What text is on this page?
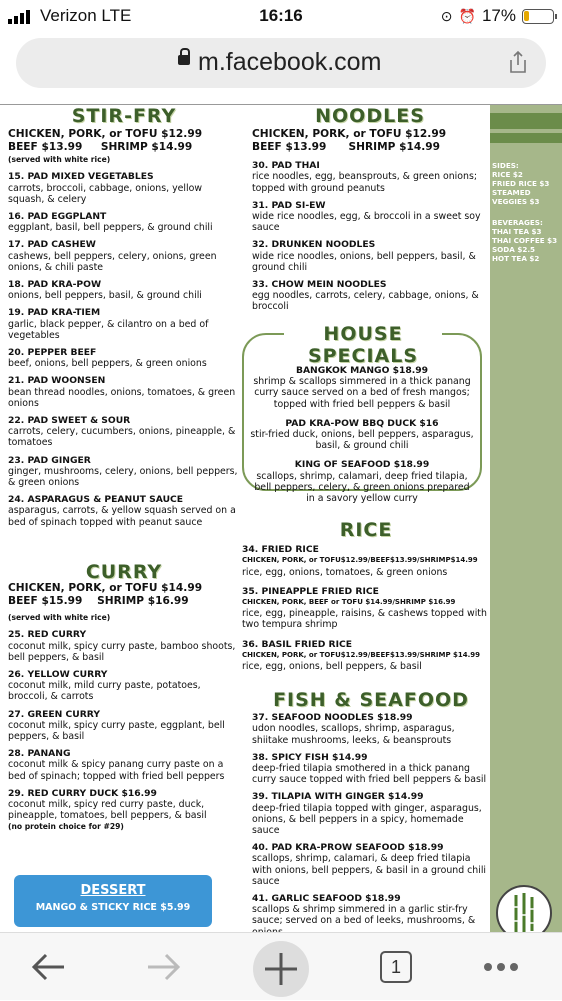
Verizon LTE	16:16	⊙ ⏰ 17%
m.facebook.com
STIR-FRY
CHICKEN, PORK, or TOFU $12.99
BEEF $13.99 SHRIMP $14.99
(served with white rice)
15. PAD MIXED VEGETABLES
carrots, broccoli, cabbage, onions, yellow squash, & celery
16. PAD EGGPLANT
eggplant, basil, bell peppers, & ground chili
17. PAD CASHEW
cashews, bell peppers, celery, onions, green onions, & chili paste
18. PAD KRA-POW
onions, bell peppers, basil, & ground chili
19. PAD KRA-TIEM
garlic, black pepper, & cilantro on a bed of vegetables
20. PEPPER BEEF
beef, onions, bell peppers, & green onions
21. PAD WOONSEN
bean thread noodles, onions, tomatoes, & green onions
22. PAD SWEET & SOUR
carrots, celery, cucumbers, onions, pineapple, & tomatoes
23. PAD GINGER
ginger, mushrooms, celery, onions, bell peppers, & green onions
24. ASPARAGUS & PEANUT SAUCE
asparagus, carrots, & yellow squash served on a bed of spinach topped with peanut sauce
CURRY
CHICKEN, PORK, or TOFU $14.99
BEEF $15.99 SHRIMP $16.99
(served with white rice)
25. RED CURRY
coconut milk, spicy curry paste, bamboo shoots, bell peppers, & basil
26. YELLOW CURRY
coconut milk, mild curry paste, potatoes, broccoli, & carrots
27. GREEN CURRY
coconut milk, spicy curry paste, eggplant, bell peppers, & basil
28. PANANG
coconut milk & spicy panang curry paste on a bed of spinach; topped with fried bell peppers
29. RED CURRY DUCK $16.99
coconut milk, spicy red curry paste, duck, pineapple, tomatoes, bell peppers, & basil
(no protein choice for #29)
DESSERT
MANGO & STICKY RICE $5.99
NOODLES
CHICKEN, PORK, or TOFU $12.99
BEEF $13.99 SHRIMP $14.99
30. PAD THAI
rice noodles, egg, beansprouts, & green onions; topped with ground peanuts
31. PAD SI-EW
wide rice noodles, egg, & broccoli in a sweet soy sauce
32. DRUNKEN NOODLES
wide rice noodles, onions, bell peppers, basil, & ground chili
33. CHOW MEIN NOODLES
egg noodles, carrots, celery, cabbage, onions, & broccoli
HOUSE SPECIALS
BANGKOK MANGO $18.99
shrimp & scallops simmered in a thick panang curry sauce served on a bed of fresh mangos; topped with fried bell peppers & basil
PAD KRA-POW BBQ DUCK $16
stir-fried duck, onions, bell peppers, asparagus, basil, & ground chili
KING OF SEAFOOD $18.99
scallops, shrimp, calamari, deep fried tilapia, bell peppers, celery, & green onions prepared in a savory yellow curry
RICE
34. FRIED RICE
CHICKEN, PORK, or TOFU$12.99/BEEF$13.99/SHRIMP$14.99
rice, egg, onions, tomatoes, & green onions
35. PINEAPPLE FRIED RICE
CHICKEN, PORK, BEEF or TOFU $14.99/SHRIMP $16.99
rice, egg, pineapple, raisins, & cashews topped with two tempura shrimp
36. BASIL FRIED RICE
CHICKEN, PORK, or TOFU$12.99/BEEF$13.99/SHRIMP $14.99
rice, egg, onions, bell peppers, & basil
FISH & SEAFOOD
37. SEAFOOD NOODLES $18.99
udon noodles, scallops, shrimp, asparagus, shiitake mushrooms, leeks, & beansprouts
38. SPICY FISH $14.99
deep-fried tilapia smothered in a thick panang curry sauce topped with fried bell peppers & basil
39. TILAPIA WITH GINGER $14.99
deep-fried tilapia topped with ginger, asparagus, onions, & bell peppers in a spicy, homemade sauce
40. PAD KRA-PROW SEAFOOD $18.99
scallops, shrimp, calamari, & deep fried tilapia with onions, bell peppers, & basil in a ground chili sauce
41. GARLIC SEAFOOD $18.99
scallops & shrimp simmered in a garlic stir-fry sauce; served on a bed of leeks, mushrooms, &
SIDES:
RICE $2
FRIED RICE $3
STEAMED VEGGIES $3
BEVERAGES:
THAI TEA $3
THAI COFFEE $3
SODA $2.5
HOT TEA $2
1
